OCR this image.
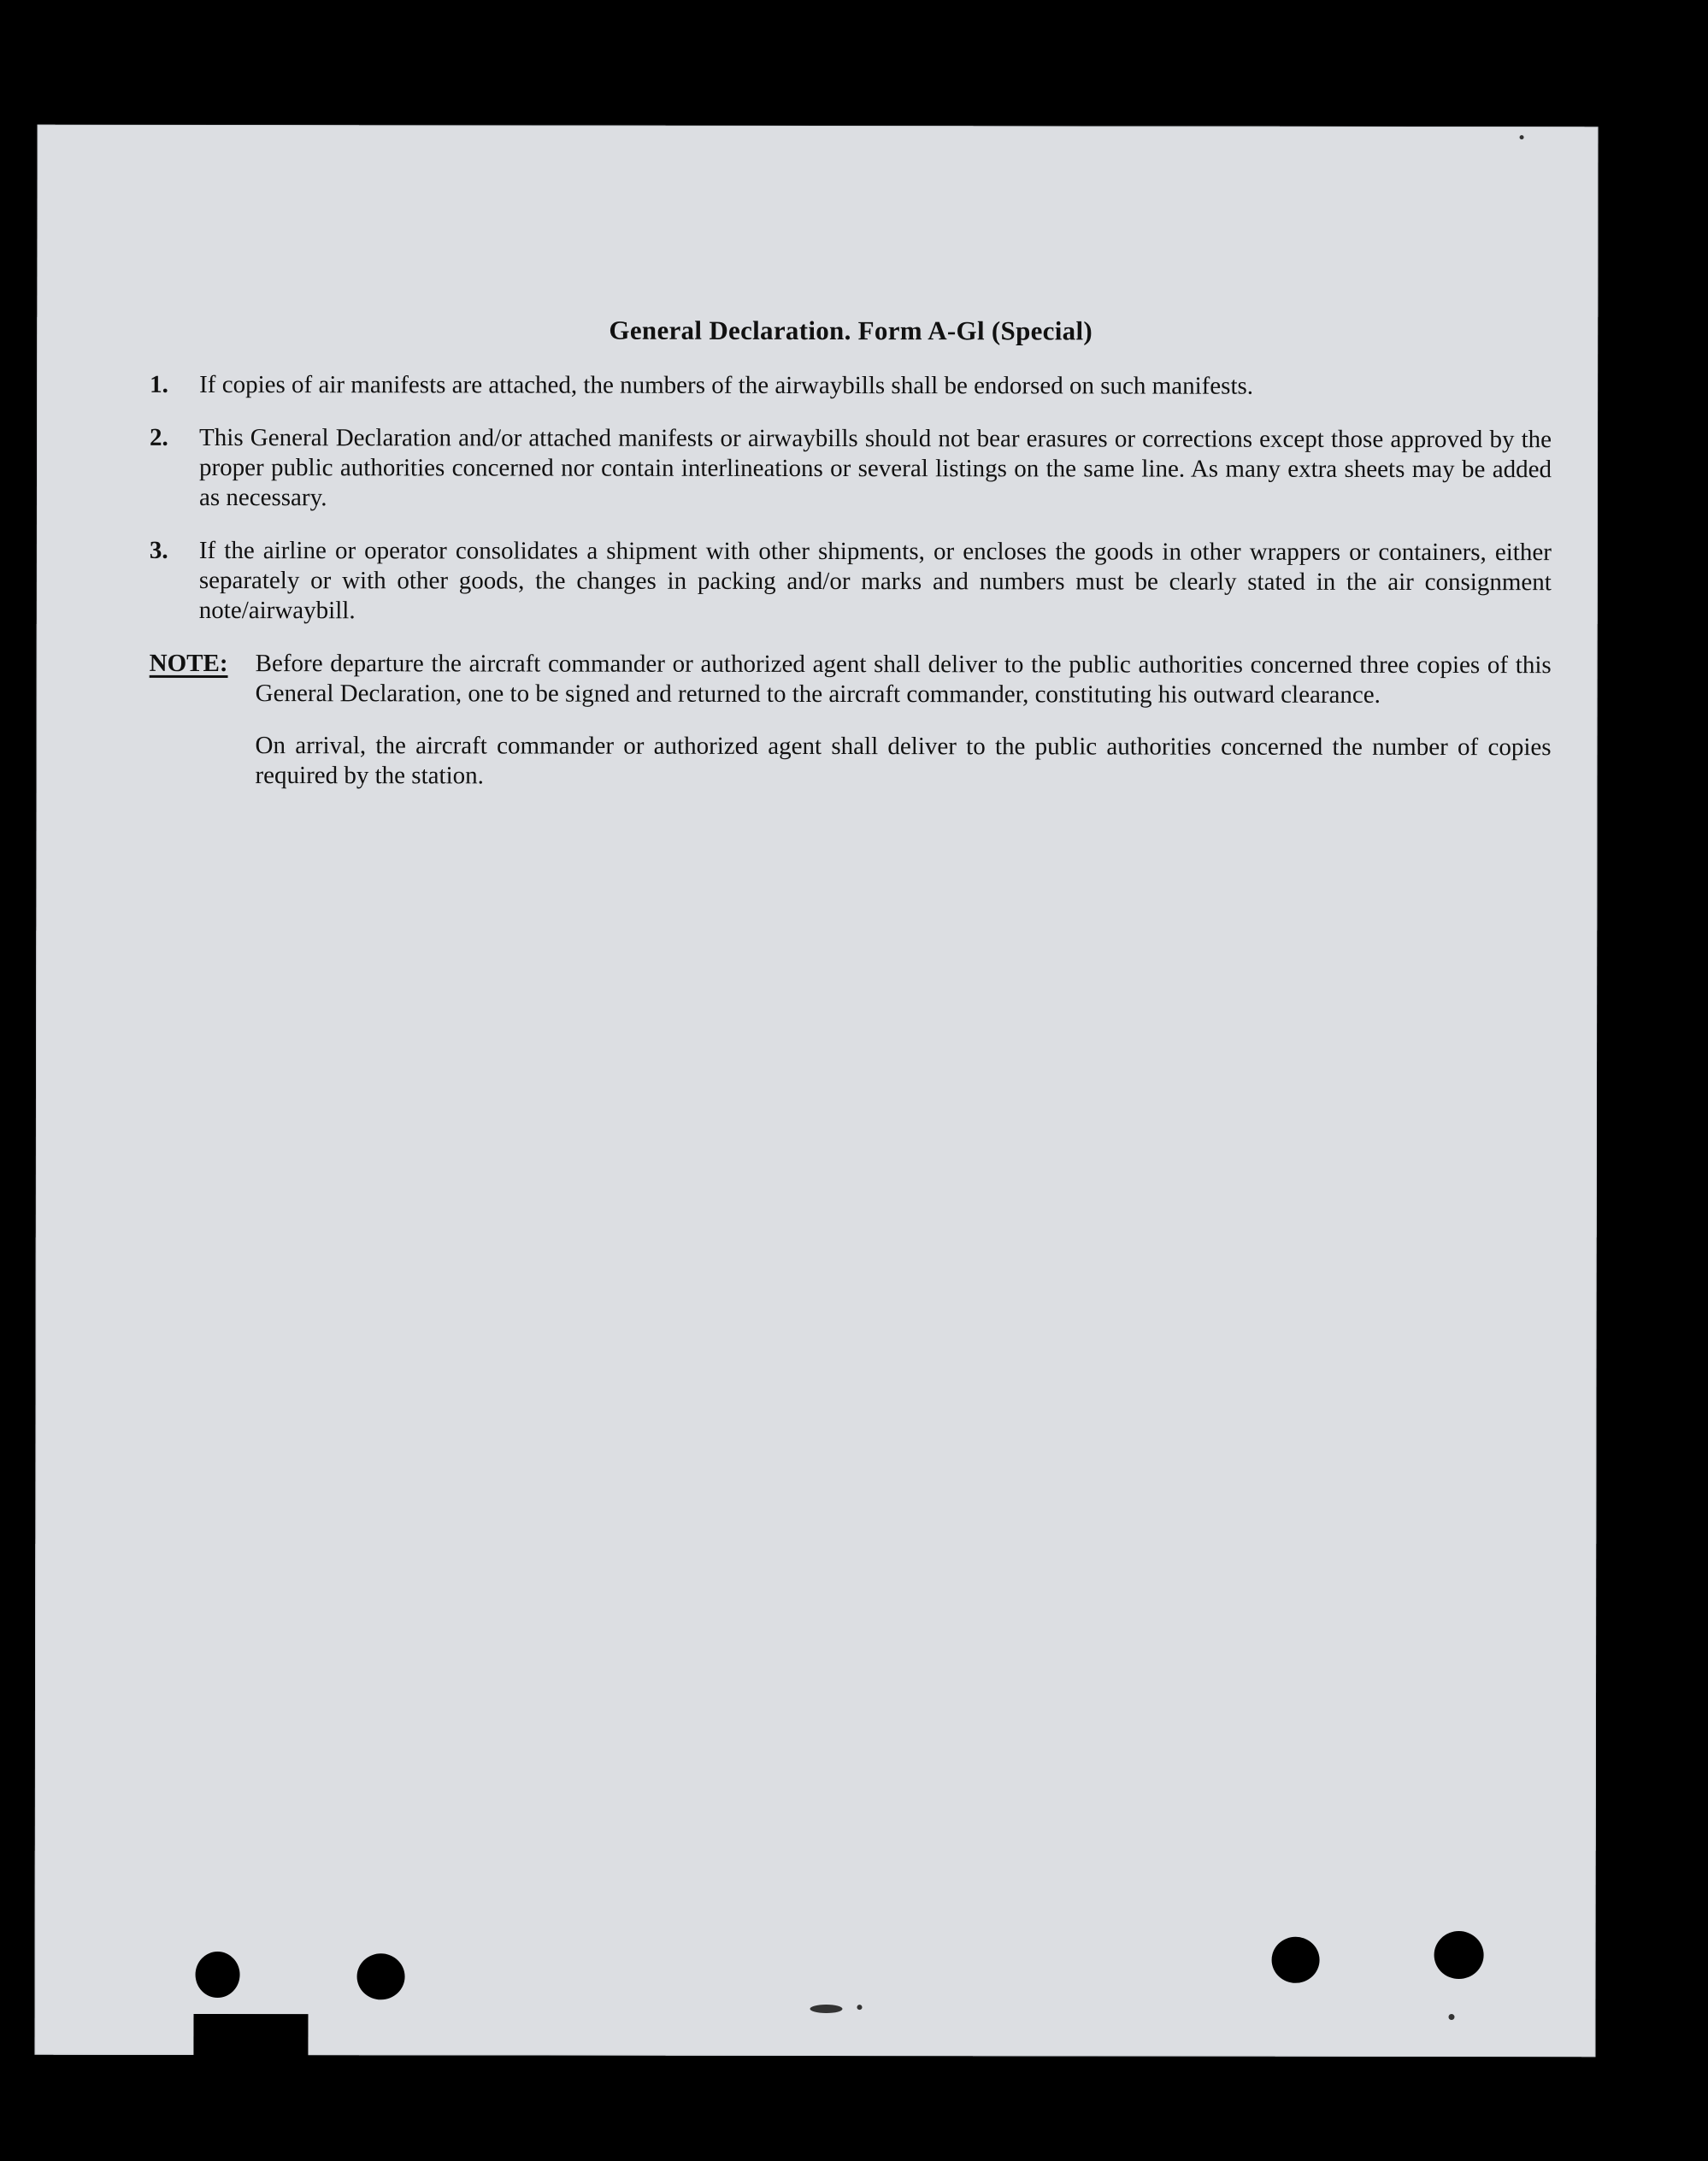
General Declaration. Form A-Gl (Special)
1.	If copies of air manifests are attached, the numbers of the airwaybills shall be endorsed on such manifests.
2.	This General Declaration and/or attached manifests or airwaybills should not bear erasures or corrections except those approved by the proper public authorities concerned nor contain interlineations or several listings on the same line. As many extra sheets may be added as necessary.
3.	If the airline or operator consolidates a shipment with other shipments, or encloses the goods in other wrappers or containers, either separately or with other goods, the changes in packing and/or marks and numbers must be clearly stated in the air consignment note/airwaybill.
NOTE:	Before departure the aircraft commander or authorized agent shall deliver to the public authorities concerned three copies of this General Declaration, one to be signed and returned to the aircraft commander, constituting his outward clearance.

On arrival, the aircraft commander or authorized agent shall deliver to the public authorities concerned the number of copies required by the station.
